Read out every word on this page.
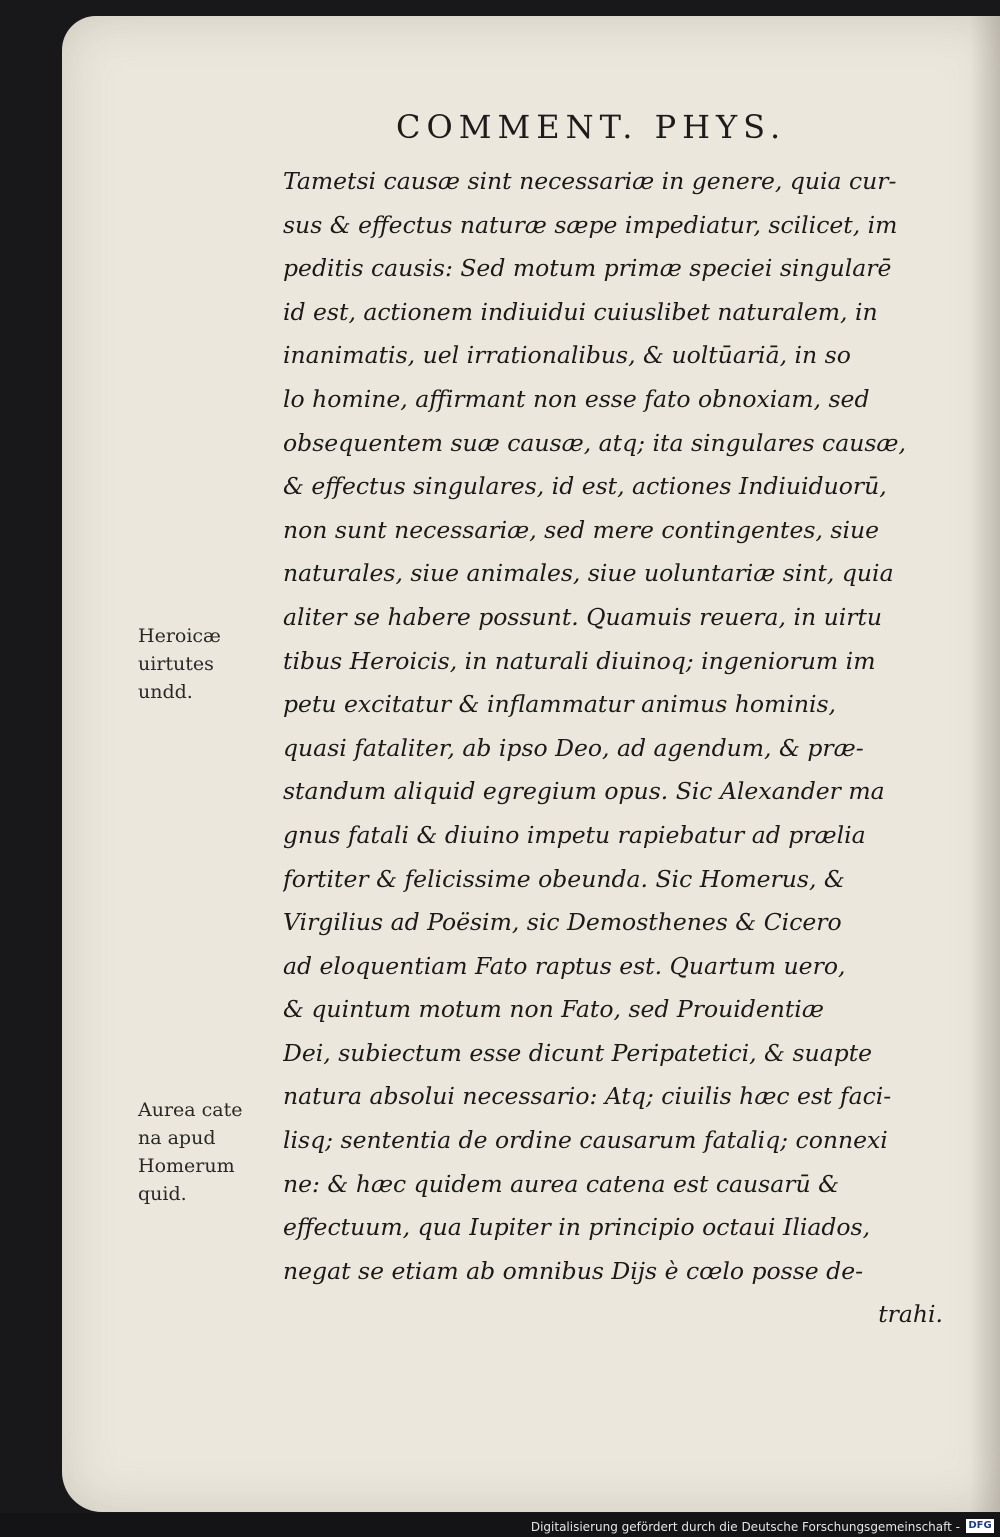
COMMENT. PHYS.
Tametsi causæ sint necessariæ in genere, quia cur-
sus & effectus naturæ sæpe impediatur, scilicet, im
peditis causis: Sed motum primæ speciei singularē
id est, actionem indiuidui cuiuslibet naturalem, in
inanimatis, uel irrationalibus, & uoltūariā, in so
lo homine, affirmant non esse fato obnoxiam, sed
obsequentem suæ causæ, atq; ita singulares causæ,
& effectus singulares, id est, actiones Indiuiduorū,
non sunt necessariæ, sed mere contingentes, siue
naturales, siue animales, siue uoluntariæ sint, quia
aliter se habere possunt. Quamuis reuera, in uirtu
tibus Heroicis, in naturali diuinoq; ingeniorum im
petu excitatur & inflammatur animus hominis,
quasi fataliter, ab ipso Deo, ad agendum, & præ-
standum aliquid egregium opus. Sic Alexander ma
gnus fatali & diuino impetu rapiebatur ad prælia
fortiter & felicissime obeunda. Sic Homerus, &
Virgilius ad Poësim, sic Demosthenes & Cicero
ad eloquentiam Fato raptus est. Quartum uero,
& quintum motum non Fato, sed Prouidentiæ
Dei, subiectum esse dicunt Peripatetici, & suapte
natura absolui necessario: Atq; ciuilis hæc est faci-
lisq; sententia de ordine causarum fataliq; connexi
ne: & hæc quidem aurea catena est causarū &
effectuum, qua Iupiter in principio octaui Iliados,
negat se etiam ab omnibus Dijs è cœlo posse de-
trahi.

Heroicæ
uirtutes
undd.

Aurea cate
na apud
Homerum
quid.

Digitalisierung gefördert durch die Deutsche Forschungsgemeinschaft - DFG
